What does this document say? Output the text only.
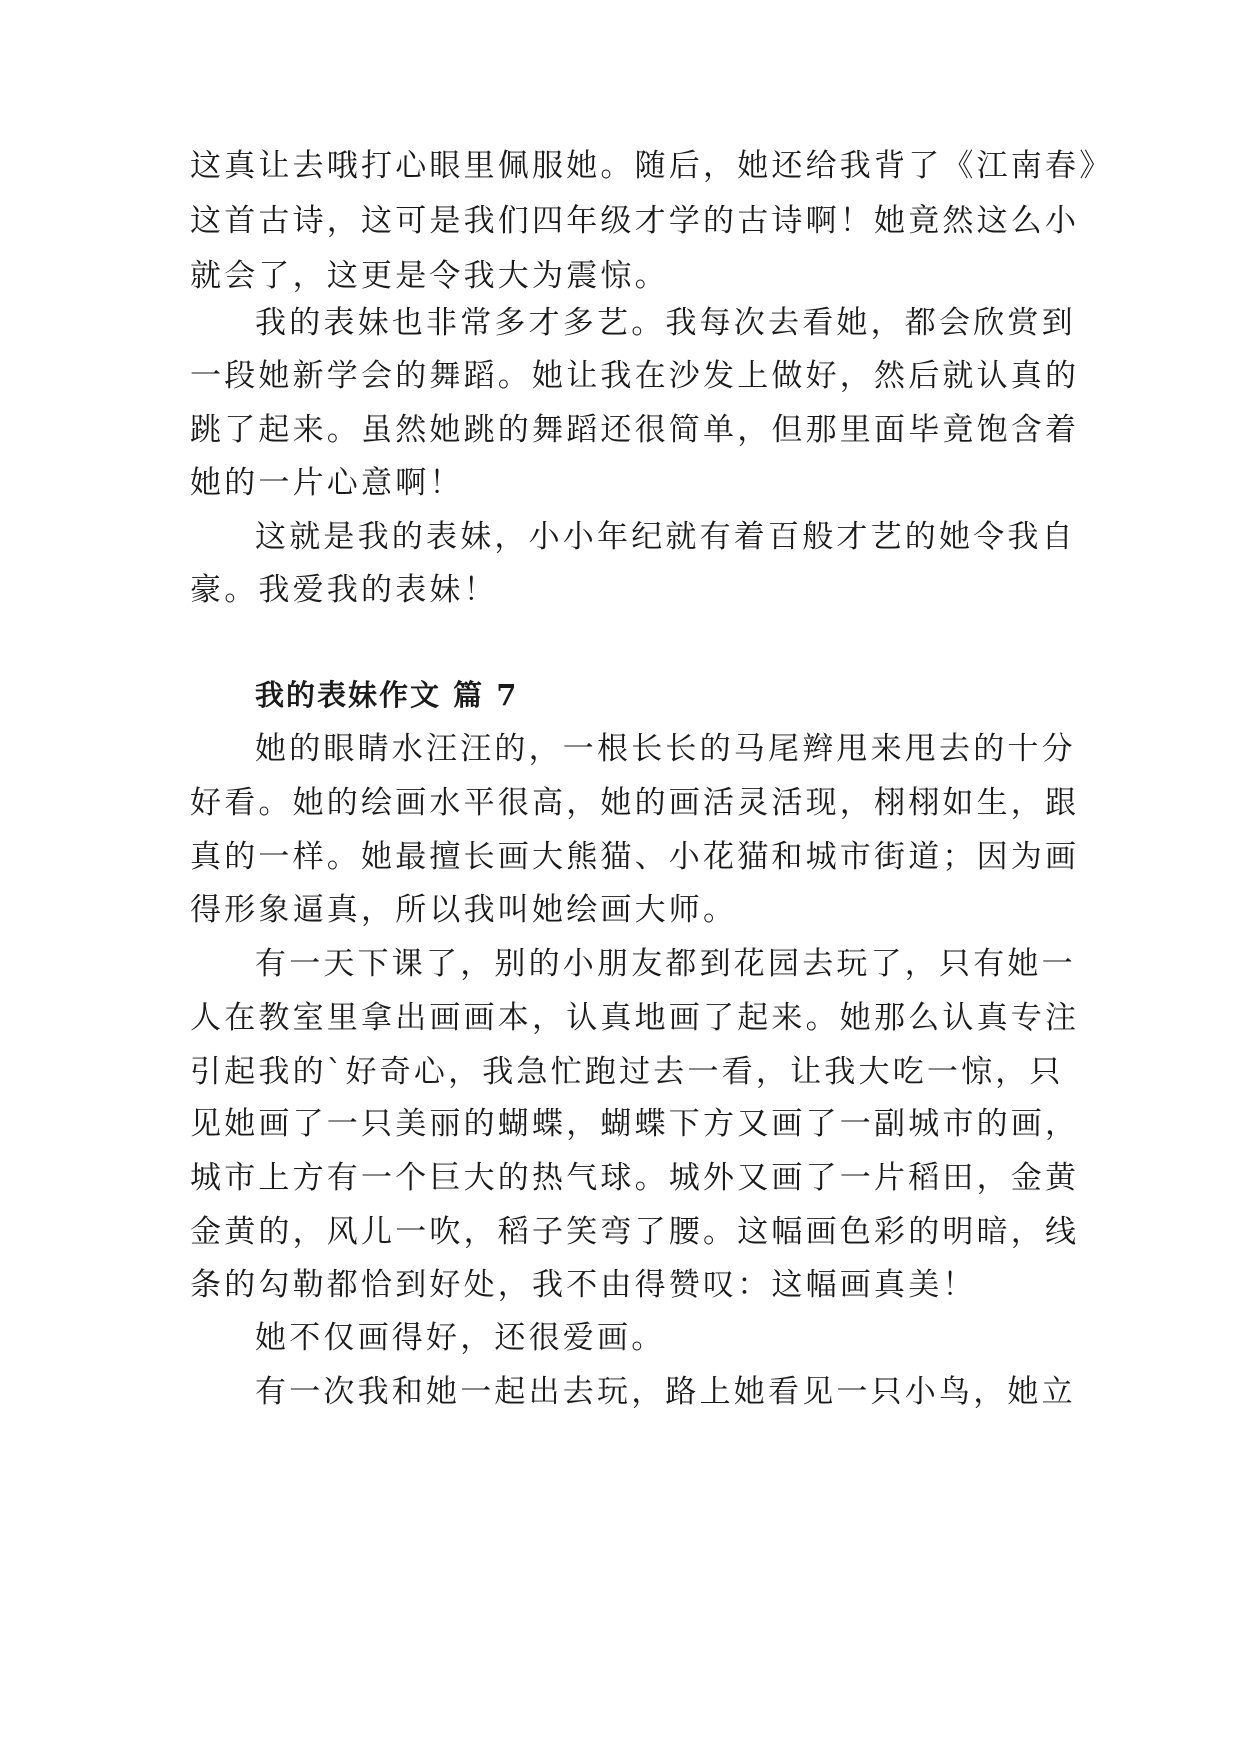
这真让去哦打心眼里佩服她。随后，她还给我背了《江南春》

这首古诗，这可是我们四年级才学的古诗啊！她竟然这么小

就会了，这更是令我大为震惊。

我的表妹也非常多才多艺。我每次去看她，都会欣赏到

一段她新学会的舞蹈。她让我在沙发上做好，然后就认真的

跳了起来。虽然她跳的舞蹈还很简单，但那里面毕竟饱含着

她的一片心意啊！

这就是我的表妹，小小年纪就有着百般才艺的她令我自

豪。我爱我的表妹！

我的表妹作文 篇 7

她的眼睛水汪汪的，一根长长的马尾辫甩来甩去的十分

好看。她的绘画水平很高，她的画活灵活现，栩栩如生，跟

真的一样。她最擅长画大熊猫、小花猫和城市街道；因为画

得形象逼真，所以我叫她绘画大师。

有一天下课了，别的小朋友都到花园去玩了，只有她一

人在教室里拿出画画本，认真地画了起来。她那么认真专注

引起我的`好奇心，我急忙跑过去一看，让我大吃一惊，只

见她画了一只美丽的蝴蝶，蝴蝶下方又画了一副城市的画，

城市上方有一个巨大的热气球。城外又画了一片稻田，金黄

金黄的，风儿一吹，稻子笑弯了腰。这幅画色彩的明暗，线

条的勾勒都恰到好处，我不由得赞叹：这幅画真美！

她不仅画得好，还很爱画。

有一次我和她一起出去玩，路上她看见一只小鸟，她立
